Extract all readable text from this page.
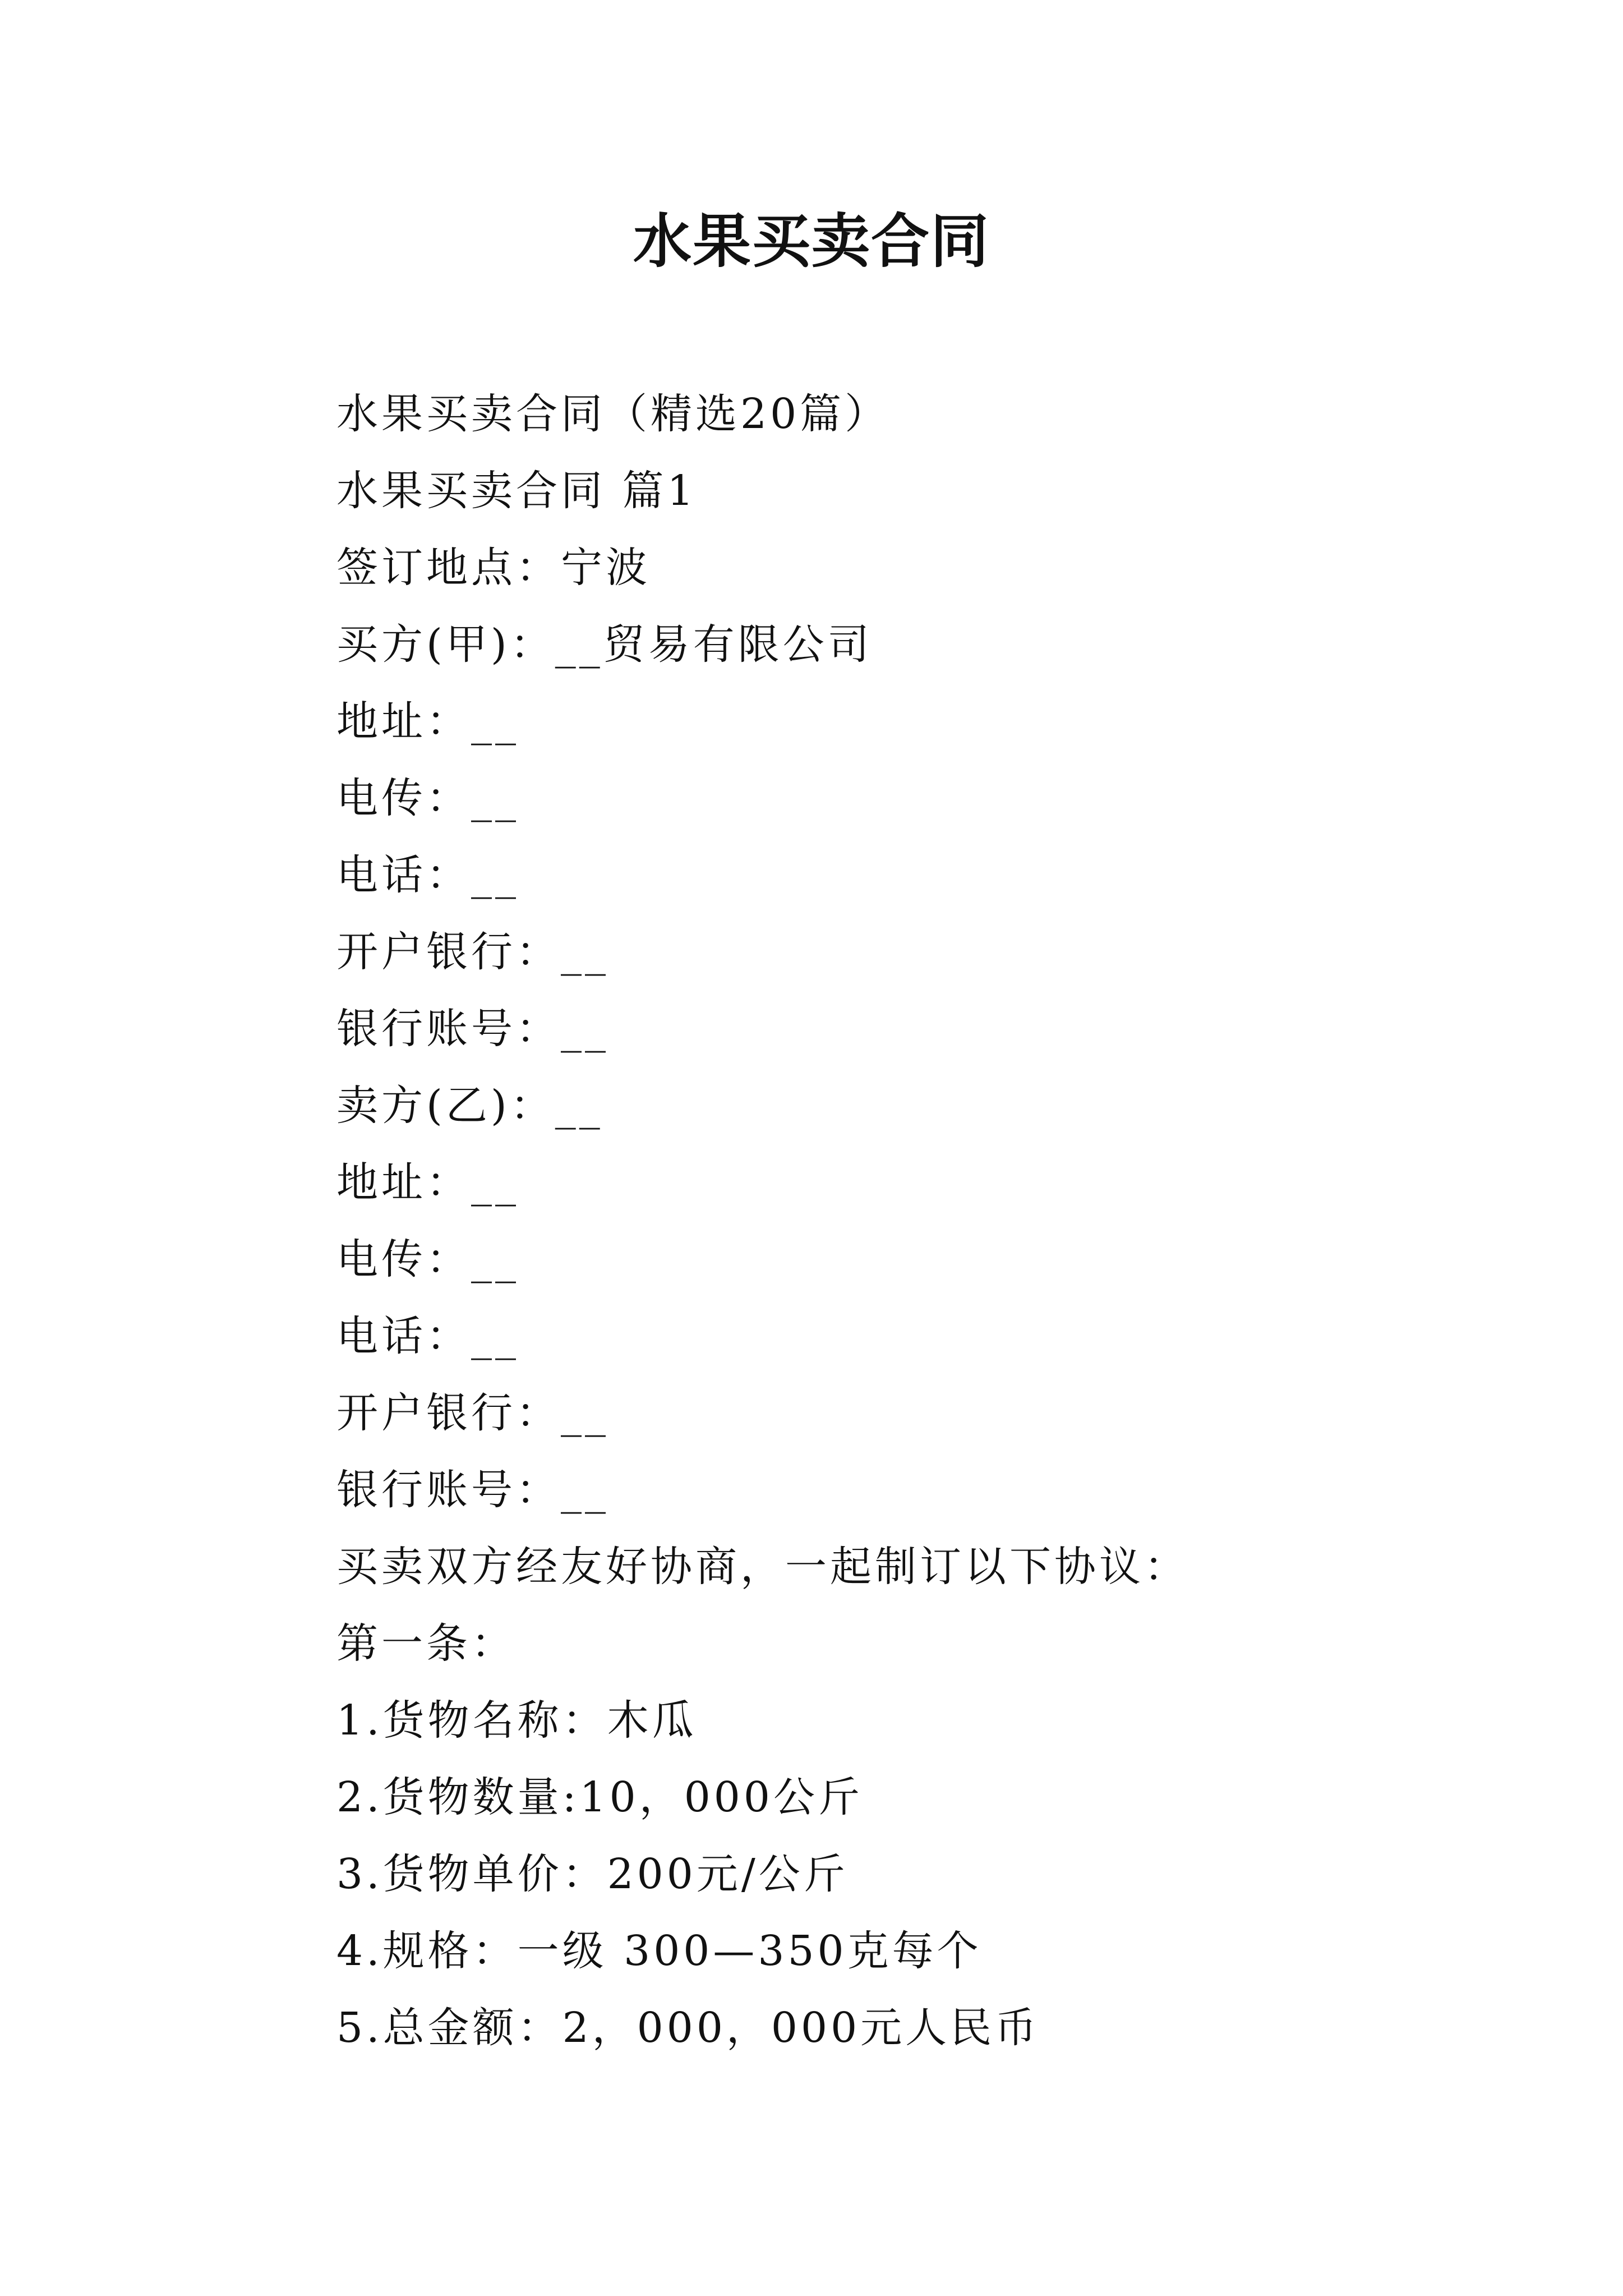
水果买卖合同
水果买卖合同（精选20篇）
水果买卖合同 篇1
签订地点：宁波
买方(甲)：__贸易有限公司
地址：__
电传：__
电话：__
开户银行：__
银行账号：__
卖方(乙)：__
地址：__
电传：__
电话：__
开户银行：__
银行账号：__
买卖双方经友好协商，一起制订以下协议：
第一条：
1.货物名称：木瓜
2.货物数量:10，000公斤
3.货物单价：200元/公斤
4.规格：一级 300—350克每个
5.总金额：2，000，000元人民币
